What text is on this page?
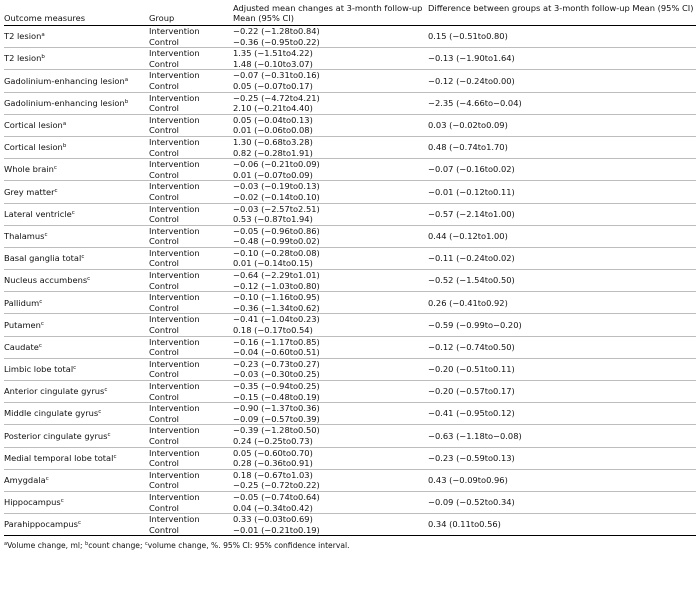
Outcome measures	Group	Adjusted mean changes at 3-month follow-up Mean (95% CI)	Difference between groups at 3-month follow-up Mean (95% CI)
T2 lesion$^a$	Intervention	−0.22 (−1.28to0.84)	0.15 (−0.51to0.80)
	Control	−0.36 (−0.95to0.22)	
T2 lesion$^b$	Intervention	1.35 (−1.51to4.22)	−0.13 (−1.90to1.64)
	Control	1.48 (−0.10to3.07)	
Gadolinium-enhancing lesion$^a$	Intervention	−0.07 (−0.31to0.16)	−0.12 (−0.24to0.00)
	Control	0.05 (−0.07to0.17)	
Gadolinium-enhancing lesion$^b$	Intervention	−0.25 (−4.72to4.21)	−2.35 (−4.66to−0.04)
	Control	2.10 (−0.21to4.40)	
Cortical lesion$^a$	Intervention	0.05 (−0.04to0.13)	0.03 (−0.02to0.09)
	Control	0.01 (−0.06to0.08)	
Cortical lesion$^b$	Intervention	1.30 (−0.68to3.28)	0.48 (−0.74to1.70)
	Control	0.82 (−0.28to1.91)	
Whole brain$^c$	Intervention	−0.06 (−0.21to0.09)	−0.07 (−0.16to0.02)
	Control	0.01 (−0.07to0.09)	
Grey matter$^c$	Intervention	−0.03 (−0.19to0.13)	−0.01 (−0.12to0.11)
	Control	−0.02 (−0.14to0.10)	
Lateral ventricle$^c$	Intervention	−0.03 (−2.57to2.51)	−0.57 (−2.14to1.00)
	Control	0.53 (−0.87to1.94)	
Thalamus$^c$	Intervention	−0.05 (−0.96to0.86)	0.44 (−0.12to1.00)
	Control	−0.48 (−0.99to0.02)	
Basal ganglia total$^c$	Intervention	−0.10 (−0.28to0.08)	−0.11 (−0.24to0.02)
	Control	0.01 (−0.14to0.15)	
Nucleus accumbens$^c$	Intervention	−0.64 (−2.29to1.01)	−0.52 (−1.54to0.50)
	Control	−0.12 (−1.03to0.80)	
Pallidum$^c$	Intervention	−0.10 (−1.16to0.95)	0.26 (−0.41to0.92)
	Control	−0.36 (−1.34to0.62)	
Putamen$^c$	Intervention	−0.41 (−1.04to0.23)	−0.59 (−0.99to−0.20)
	Control	0.18 (−0.17to0.54)	
Caudate$^c$	Intervention	−0.16 (−1.17to0.85)	−0.12 (−0.74to0.50)
	Control	−0.04 (−0.60to0.51)	
Limbic lobe total$^c$	Intervention	−0.23 (−0.73to0.27)	−0.20 (−0.51to0.11)
	Control	−0.03 (−0.30to0.25)	
Anterior cingulate gyrus$^c$	Intervention	−0.35 (−0.94to0.25)	−0.20 (−0.57to0.17)
	Control	−0.15 (−0.48to0.19)	
Middle cingulate gyrus$^c$	Intervention	−0.90 (−1.37to0.36)	−0.41 (−0.95to0.12)
	Control	−0.09 (−0.57to0.39)	
Posterior cingulate gyrus$^c$	Intervention	−0.39 (−1.28to0.50)	−0.63 (−1.18to−0.08)
	Control	0.24 (−0.25to0.73)	
Medial temporal lobe total$^c$	Intervention	0.05 (−0.60to0.70)	−0.23 (−0.59to0.13)
	Control	0.28 (−0.36to0.91)	
Amygdala$^c$	Intervention	0.18 (−0.67to1.03)	0.43 (−0.09to0.96)
	Control	−0.25 (−0.72to0.22)	
Hippocampus$^c$	Intervention	−0.05 (−0.74to0.64)	−0.09 (−0.52to0.34)
	Control	0.04 (−0.34to0.42)	
Parahippocampus$^c$	Intervention	0.33 (−0.03to0.69)	0.34 (0.11to0.56)
	Control	−0.01 (−0.21to0.19)	
$^a$Volume change, ml; $^b$count change; $^c$volume change, %. 95% CI: 95% confidence interval.
